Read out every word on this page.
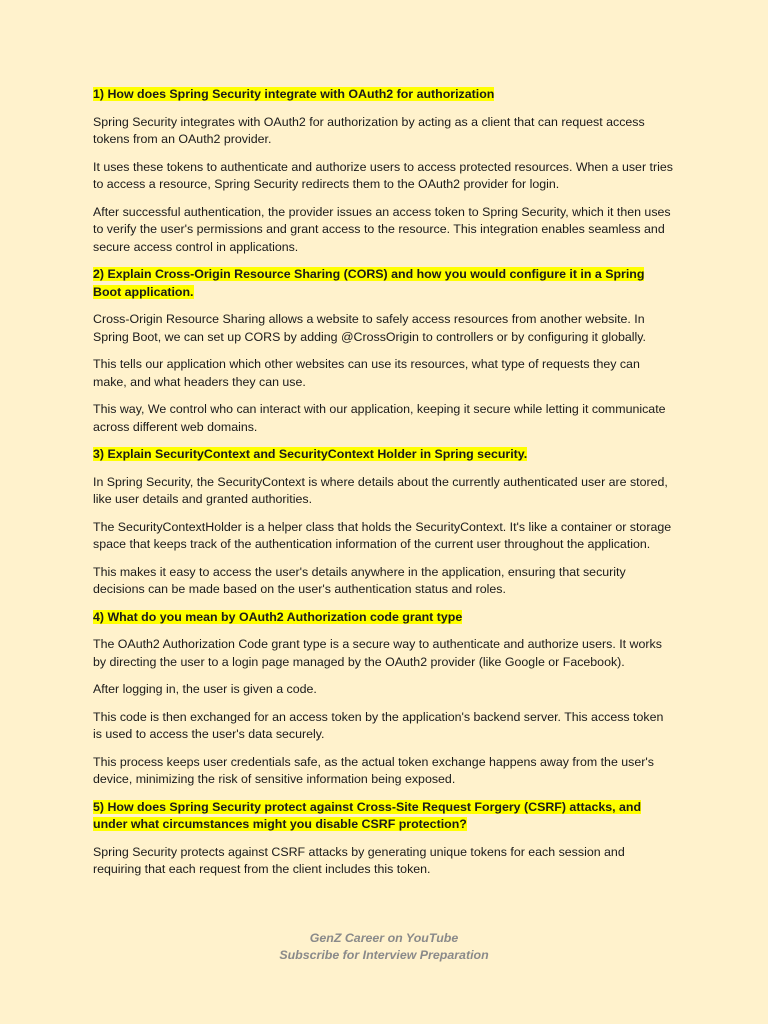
1) How does Spring Security integrate with OAuth2 for authorization

Spring Security integrates with OAuth2 for authorization by acting as a client that can request access tokens from an OAuth2 provider.

It uses these tokens to authenticate and authorize users to access protected resources. When a user tries to access a resource, Spring Security redirects them to the OAuth2 provider for login.

After successful authentication, the provider issues an access token to Spring Security, which it then uses to verify the user's permissions and grant access to the resource. This integration enables seamless and secure access control in applications.

2) Explain Cross-Origin Resource Sharing (CORS) and how you would configure it in a Spring Boot application.

Cross-Origin Resource Sharing allows a website to safely access resources from another website. In Spring Boot, we can set up CORS by adding @CrossOrigin to controllers or by configuring it globally.

This tells our application which other websites can use its resources, what type of requests they can make, and what headers they can use.

This way, We control who can interact with our application, keeping it secure while letting it communicate across different web domains.

3) Explain SecurityContext and SecurityContext Holder in Spring security.

In Spring Security, the SecurityContext is where details about the currently authenticated user are stored, like user details and granted authorities.

The SecurityContextHolder is a helper class that holds the SecurityContext. It's like a container or storage space that keeps track of the authentication information of the current user throughout the application.

This makes it easy to access the user's details anywhere in the application, ensuring that security decisions can be made based on the user's authentication status and roles.

4) What do you mean by OAuth2 Authorization code grant type

The OAuth2 Authorization Code grant type is a secure way to authenticate and authorize users. It works by directing the user to a login page managed by the OAuth2 provider (like Google or Facebook).

After logging in, the user is given a code.

This code is then exchanged for an access token by the application's backend server. This access token is used to access the user's data securely.

This process keeps user credentials safe, as the actual token exchange happens away from the user's device, minimizing the risk of sensitive information being exposed.

5) How does Spring Security protect against Cross-Site Request Forgery (CSRF) attacks, and under what circumstances might you disable CSRF protection?

Spring Security protects against CSRF attacks by generating unique tokens for each session and requiring that each request from the client includes this token.

GenZ Career on YouTube
Subscribe for Interview Preparation
